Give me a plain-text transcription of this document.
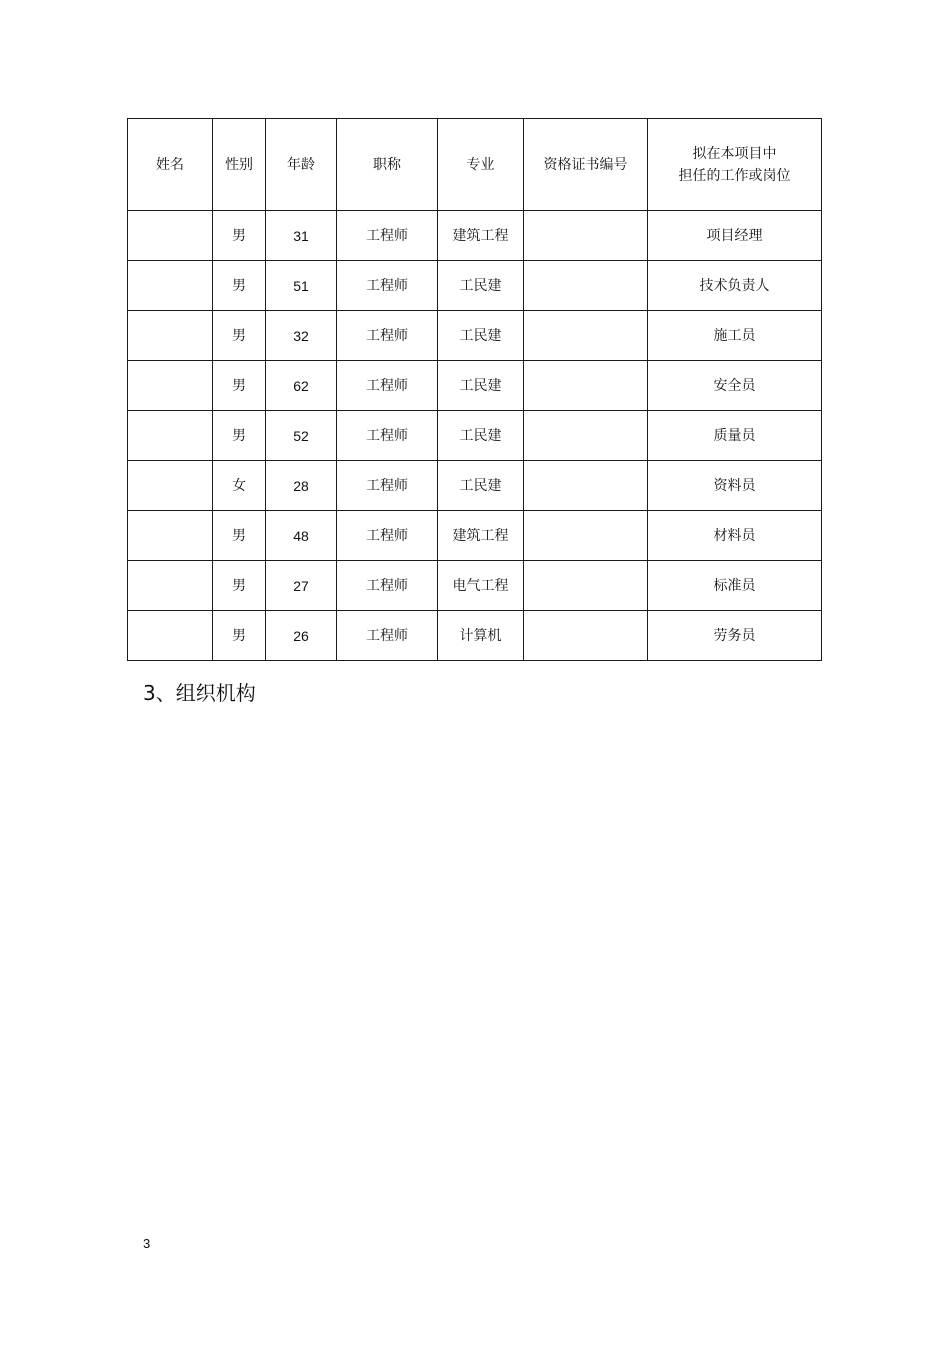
姓名	性别	年龄	职称	专业	资格证书编号	拟在本项目中
担任的工作或岗位

	男	31	工程师	建筑工程		项目经理
	男	51	工程师	工民建		技术负责人
	男	32	工程师	工民建		施工员
	男	62	工程师	工民建		安全员
	男	52	工程师	工民建		质量员
	女	28	工程师	工民建		资料员
	男	48	工程师	建筑工程		材料员
	男	27	工程师	电气工程		标准员
	男	26	工程师	计算机		劳务员
3、组织机构
3
